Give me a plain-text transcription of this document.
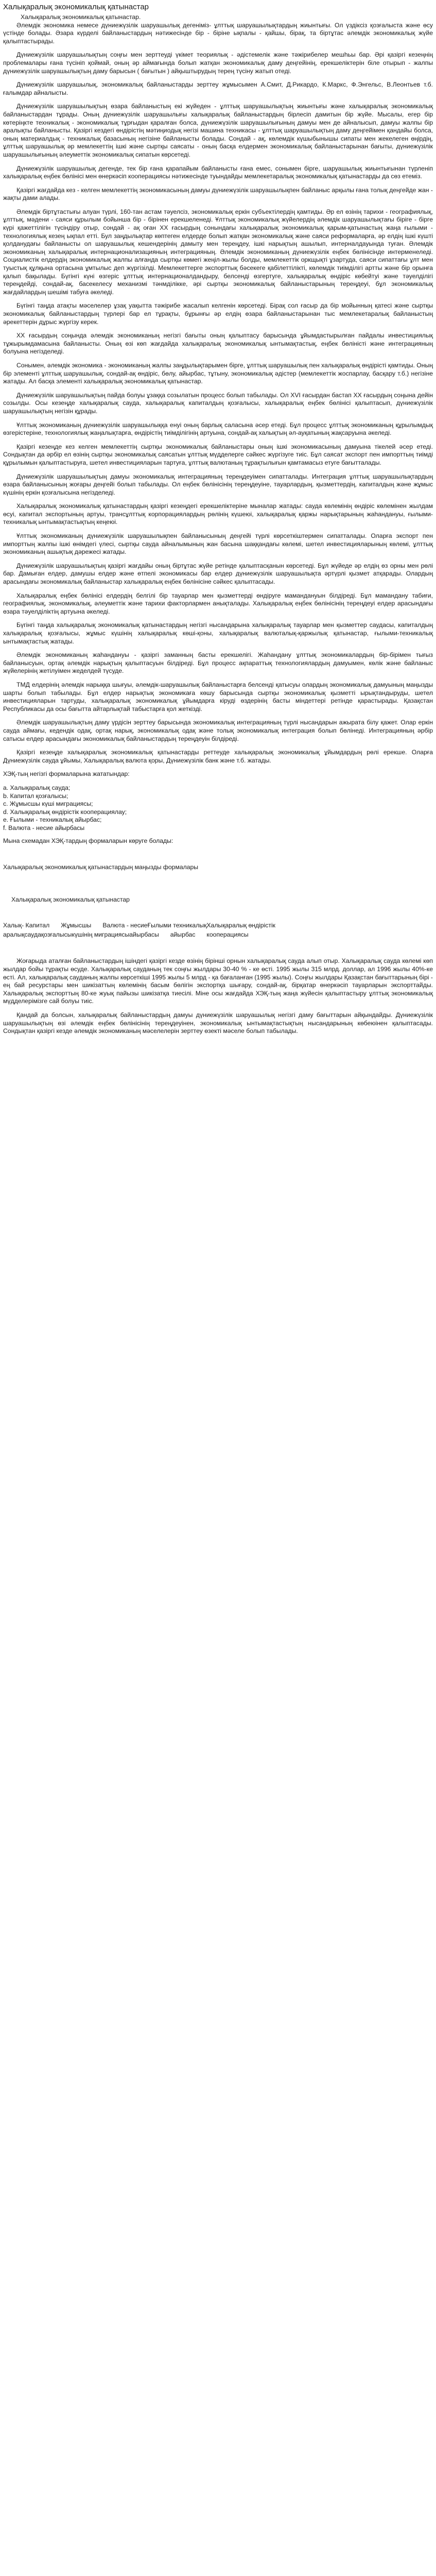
Халықаралық экономикалық қатынастар

Халықаралық экономикалық қатынастар.

Әлемдік экономика немесе дүниежүзілік шаруашылық дегеніміз- ұлттық шаруашылықтардың жиынтығы. Ол үздіксіз қозғалыста және өсу үстінде болады. Әзара күрделі байланыстардың нәтижесінде бір - біріне ықпалы - қайшы, бірақ, та біртұтас әлемдік экономикалық жүйе қалыптастырады.

Дүниежүзілік шаруашылықтың соңғы мен зерттеуді үкімет теориялық - әдістемелік және тәжірибелер мешһьы бар. Әрі қазіргі кезеңнің проблемалары ғана түсініп қоймай, оның әр аймағында болып жатқан экономикалық даму деңгейінің, ерекшеліктерін біле отырып - жалпы дүниежүзілік шаруашылықтың даму барысын ( бағытын ) айқыштырудың терең түсіну жатып отеді.

Дүниежүзілік шаруашылық, экономикалық байланыстарды зерттеу жұмысымен А.Смит, Д.Рикардо, К.Маркс, Ф.Энгельс, В.Леонтьев т.б. ғалымдар айналысты.

Дүниежүзілік шаруашылықтың өзара байланыстың екі жүйеден - ұлттық шаруашылықтың жиынтығы және халықаралық экономикалық байланыстардан тұрады. Оның дүниежүзілік шаруашылығы халықаралық байланыстардың бірлесіп дамитын бір жүйе. Мысалы, егер бір көтеріңкте техникалық - экономикалық тұрғыдан қаралған болса, дүниежүзілік шаруашылығының дамуы мен де айналысып, дамуы жалпы бір аралықты байланысты. Қазіргі кездегі өндірістің мәтиңиодық негізі машина техникасы - ұлттық шаруашылықтың даму деңгейімен қандайы болса, оның материалдық - техникалық базасының негізіне байланысты болады. Сондай - ақ, көлемдік күшыбынышы сипаты мен жекелеген өңірдің, ұлттық шаруашылық әр мемлекеттің ішкі және сыртқы саясаты - оның басқа елдермен экономикалық байланыстарынан бағыты, дүниежүзілік шаруашылығының әлеуметтік экономикалық сипатын көрсетеді.

Дүниежүзілік шаруашылық дегенде, тек бір ғана қарапайым байланысты ғана емес, сонымен бірге, шаруашылық жиынтығынан түрленіп халықаралық еңбек бөлінісі мен өнеркәсіп кооперациясы нәтижесінде туындайды мемлекетаралық экономикалық қатынастарды да сөз етемiз.

Қазіргі жағдайда кез - келген мемлекеттің экономикасының дамуы дүниежүзілік шаруашылықпен байланыс арқылы ғана толық деңгейде жан - жақты дами алады.

Әлемдік біртұтастығы алуан түрлі, 160-тан астам тәуелсіз, экономикалық еркін субъектілердің қамтиды. Әр ел өзінің тарихи - географиялық, ұлттық, мәдени - саяси құрылым бойынша бір - бірінен ерекшеленеді. Ұлттық экономикалық жүйелердің әлемдік шаруашылықтағы біріге - бірге күрі қажеттілігін түсіндіру отыр, сондай - ақ оған ХХ ғасырдың сонындағы халықаралық экономикалық қарым-қатынастың жаңа ғылыми - технологиялық кезең ықпал етті. Бул заңдылықтар көптеген елдерде болып жатқан экономикалық жәнe саяси реформаларға, әр елдің ішкі күшті қолданудағы байланысты ол шаруашылық кешендерінің дамыту мен тереңдеу, ішкі нарықтың ашылып, интерналдауында туған. Әлемдік экономиканың халықаралық интернационализацияның интеграцияның. Әлемдік экономиканың дүниежүзілік еңбек бөлінісінде интерменеледі. Социалистік елдердің экономикалық жалпы алғанда сыртқы көмегі жеңіл-жылы болды, мемлекеттік оркщықті ұзартуда, саяси сипаттағы ұлт мен туыстық құлқына ортасына ұмтылыс деп жүргізілді. Мемлекеттерге экспорттық бәсекеге қабілеттілікті, көлемдік тиімділігі артты және бір орынға қалып бақылады. Бүгінгі күні өзгеріс ұлттық интернационалдандыру, белсенді өзгертуге, халықаралық өндіріс көбейтуі және тәуелділігі тереңдейді, сондай-ақ, басекелесу механизмі тәнмділікке, әрі сыртқы экономикалық байланыстарының тереңдеуі, бұл экономикалық жағдайлардың шешімі табуға әкеледі.

Бүгінгі таңда атақты мәселелер ұзақ уақытта тәжірибе жасалып келгенін көрсетеді. Бірақ сол ғасыр да бір мойынның қатесі және сыртқы экономикалық байланыстардың түрлері бар ел тұрақты, бұрынғы әр елдің өзара байланыстарынан тыс мемлекетаралық байланыстың әрекеттерін дұрыс жүргізу керек.

ХХ ғасырдың соңында әлемдік экономиканың негізгі бағыты оның қалыптасу барысында ұйымдастырылған пайдалы инвестициялық тұжырымдамасына байланысты. Оның өзі көп жағдайда халықаралық экономикалық ынтымақтастық, еңбек бөліністі және интеграцияның болуына негізделеді.

Сонымен, әлемдік экономика - экономиканың жалпы заңдылықтарымен бірге, ұлттық шаруашылық пен халықаралық өндірісті қамтиды. Оның бір элементі ұлттық шаруашылық, сондай-ақ өндіріс, бөлу, айырбас, тұтыну, экономикалық әдістер (мемлекеттік жоспарлау, басқару т.б.) негізіне жатады. Ал басқа элементі халықаралық экономикалық қатынастар.

Дүниежүзілік шаруашылықтың пайда болуы ұзаққа созылатын процесс болып табылады. Ол XVI ғасырдан бастап ХХ ғасырдың соңына дейін созылды. Осы кезеңде халықаралық сауда, халықаралық капиталдың қозғалысы, халықаралық еңбек бөлінісі қалыптасып, дүниежүзілік шаруашылықтың негізін құрады.

Ұлттық экономиканың дүниежүзілік шаруашылыққа енуі оның барлық саласына әсер етеді. Бұл процесс ұлттық экономиканың құрылымдық өзгерістеріне, технологиялық жаңалықтарға, өндірістің тиімділігінің артуына, сондай-ақ халықтың әл-ауқатының жақсаруына әкеледі.

Қазіргі кезеңде кез келген мемлекеттің сыртқы экономикалық байланыстары оның ішкі экономикасының дамуына тікелей әсер етеді. Сондықтан да әрбір ел өзінің сыртқы экономикалық саясатын ұлттық мүдделерге сәйкес жүргізуге тиіс. Бұл саясат экспорт пен импорттың тиімді құрылымын қалыптастыруға, шетел инвестицияларын тартуға, ұлттық валютаның тұрақтылығын қамтамасыз етуге бағытталады.

Дүниежүзілік шаруашылықтың дамуы экономикалық интеграцияның тереңдеуімен сипатталады. Интеграция ұлттық шаруашылықтардың өзара байланысының жоғары деңгейі болып табылады. Ол еңбек бөлінісінің тереңдеуіне, тауарлардың, қызметтердің, капиталдың және жұмыс күшінің еркін қозғалысына негізделеді.

Халықаралық экономикалық қатынастардың қазіргі кезеңдегі ерекшеліктеріне мыналар жатады: сауда көлемінің өндіріс көлемінен жылдам өсуі, капитал экспортының артуы, трансұлттық корпорациялардың рөлінің күшеюі, халықаралық қаржы нарықтарының жаһандануы, ғылыми-техникалық ынтымақтастықтың кеңеюі.

Ұлттық экономиканың дүниежүзілік шаруашылықпен байланысының деңгейі түрлі көрсеткіштермен сипатталады. Оларға экспорт пен импорттың жалпы ішкі өнімдегі үлесі, сыртқы сауда айналымының жан басына шаққандағы көлемі, шетел инвестицияларының көлемі, ұлттық экономиканың ашықтық дәрежесі жатады.

Дүниежүзілік шаруашылықтың қазіргі жағдайы оның біртұтас жүйе ретінде қалыптасқанын көрсетеді. Бұл жүйеде әр елдің өз орны мен рөлі бар. Дамыған елдер, дамушы елдер және өтпелі экономикасы бар елдер дүниежүзілік шаруашылықта әртүрлі қызмет атқарады. Олардың арасындағы экономикалық байланыстар халықаралық еңбек бөлінісіне сәйкес қалыптасады.

Халықаралық еңбек бөлінісі елдердің белгілі бір тауарлар мен қызметтерді өндіруге мамандануын білдіреді. Бұл мамандану табиғи, географиялық, экономикалық, әлеуметтік және тарихи факторлармен анықталады. Халықаралық еңбек бөлінісінің тереңдеуі елдер арасындағы өзара тәуелділіктің артуына әкеледі.

Бүгінгі таңда халықаралық экономикалық қатынастардың негізгі нысандарына халықаралық тауарлар мен қызметтер саудасы, капиталдың халықаралық қозғалысы, жұмыс күшінің халықаралық көші-қоны, халықаралық валюталық-қаржылық қатынастар, ғылыми-техникалық ынтымақтастық жатады.

Әлемдік экономиканың жаһандануы - қазіргі заманның басты ерекшелігі. Жаһандану ұлттық экономикалардың бір-бірімен тығыз байланысуын, ортақ әлемдік нарықтың қалыптасуын білдіреді. Бұл процесс ақпараттық технологиялардың дамуымен, көлік және байланыс жүйелерінің жетілуімен жеделдей түсуде.

ТМД елдерінің әлемдік нарыққа шығуы, әлемдік-шаруашылық байланыстарға белсенді қатысуы олардың экономикалық дамуының маңызды шарты болып табылады. Бұл елдер нарықтық экономикаға көшу барысында сыртқы экономикалық қызметті ырықтандыруды, шетел инвестицияларын тартуды, халықаралық экономикалық ұйымдарға кіруді өздерінің басты міндеттері ретінде қарастырады. Қазақстан Республикасы да осы бағытта айтарлықтай табыстарға қол жеткізді.

Әлемдік шаруашылықтың даму үрдісін зерттеу барысында экономикалық интеграцияның түрлі нысандарын ажырата білу қажет. Олар еркін сауда аймағы, кедендік одақ, ортақ нарық, экономикалық одақ және толық экономикалық интеграция болып бөлінеді. Интеграцияның әрбір сатысы елдер арасындағы экономикалық байланыстардың тереңдеуін білдіреді.

Қазіргі кезеңде халықаралық экономикалық қатынастарды реттеуде халықаралық экономикалық ұйымдардың рөлі ерекше. Оларға Дүниежүзілік сауда ұйымы, Халықаралық валюта қоры, Дүниежүзілік банк және т.б. жатады.

ХЭҚ-тың негізгі формаларына жататындар:

а. Халықаралық сауда;
b. Капитал қозғалысы;
c. Жұмысшы күші миграциясы;
d. Халықаралық өндірістік кооперациялау;
e. Ғылыми - техникалық айырбас;
f. Валюта - несие айырбасы

Мына схемадан ХЭҚ-тардың формаларын көруге болады:

Халықаралық экономикалық қатынастардың маңызды формалары

Халықаралық экономикалық қатынастар

Халық- Капитал Жұмысшы Валюта - несиеҒылыми техникалықХалықаралық өндірістік
аралықсаудақозғалысыкүшінің миграциясыайырбасы айырбас кооперациясы

Жоғарыда аталған байланыстардың ішіндегі қазіргі кезде өзінің бірінші орнын халықаралық сауда алып отыр. Халықаралық сауда көлемі көп жылдар бойы тұрақты өсуде. Халықаралық сауданың тек соңғы жылдары 30-40 % - ке өсті. 1995 жылы 315 млрд. доллар, ал 1996 жылы 40%-ке өсті. Ал, халықаралық сауданың жалпы көрсеткіші 1995 жылы 5 млрд - қа бағаланған (1995 жылы). Соңғы жылдары Қазақстан бағыттарының бірі - ең бай ресурстары мен шикізаттың көлемінің басым бөлігін экспортқа шығару, сондай-ақ, бірқатар өнеркәсіп тауарларын экспорттайды. Халықаралық экспорттың 80-ке жуық пайызы шикізатқа тиесілі. Міне осы жағдайда ХЭҚ-тың жаңа жүйесін қалыптастыру ұлттық экономикалық мүдделерімізге сай болуы тиіс.

Қандай да болсын, халықаралық байланыстардың дамуы дүниежүзілік шаруашылық негізгі даму бағыттарын айқындайды. Дүниежүзілік шаруашылықтың өзі әлемдік еңбек бөлінісінің тереңдеуінен, экономикалық ынтымақтастықтың нысандарының көбеюінен қалыптасады. Сондықтан қазіргі кезде әлемдік экономиканың мәселелерін зерттеу өзекті мәселе болып табылады.
